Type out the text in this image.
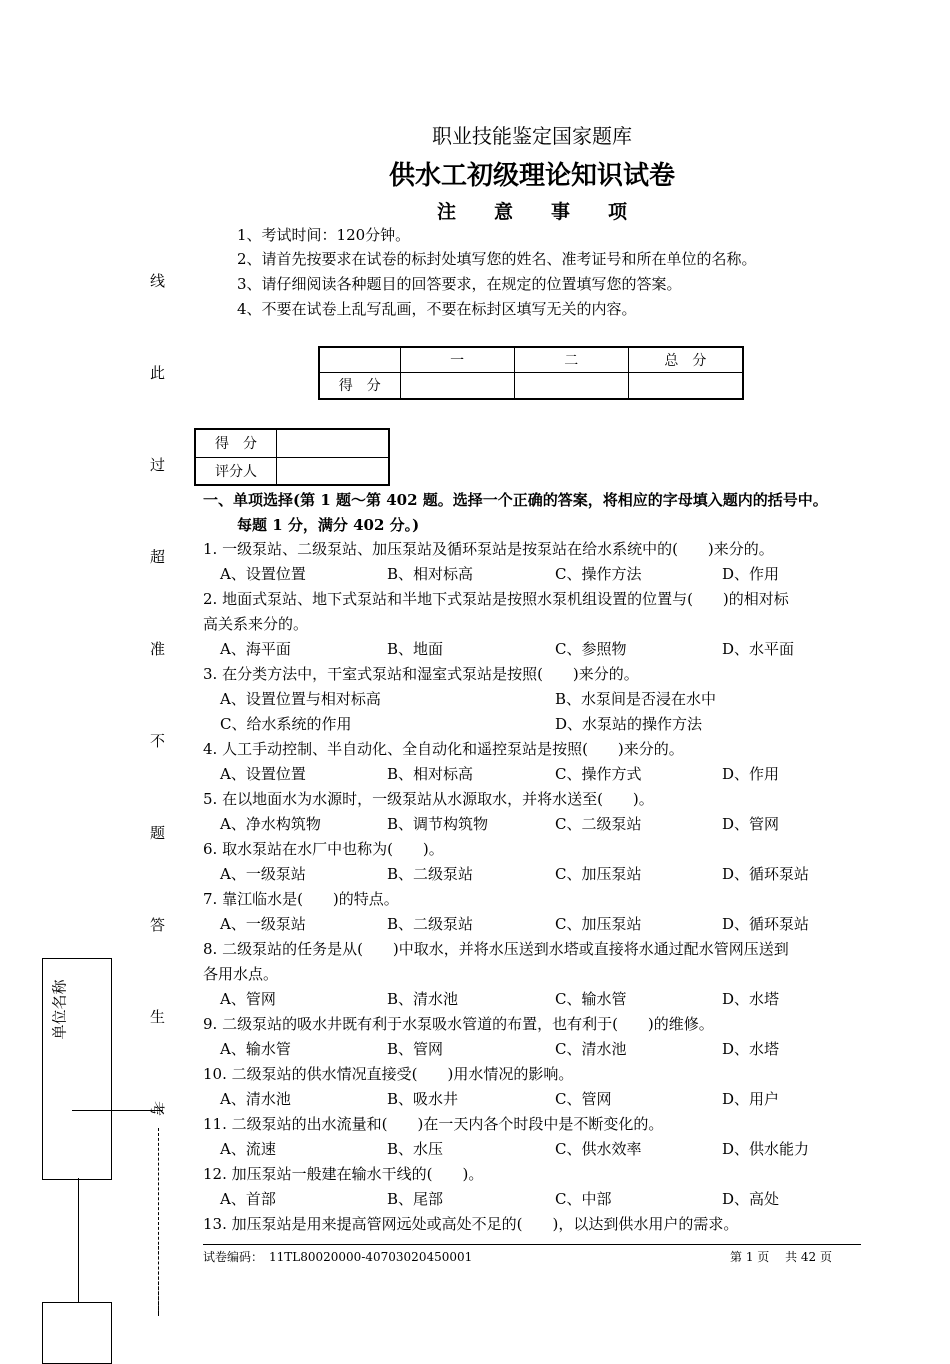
职业技能鉴定国家题库
供水工初级理论知识试卷
注　　意　　事　　项
1、考试时间：120分钟。
2、请首先按要求在试卷的标封处填写您的姓名、准考证号和所在单位的名称。
3、请仔细阅读各种题目的回答要求，在规定的位置填写您的答案。
4、不要在试卷上乱写乱画，不要在标封区填写无关的内容。
	一	二	总　分
得　分			
得　分	
评分人	
线
此
过
超
准
不
题
答
生
考
单位名称
一、单项选择(第 1 题～第 402 题。选择一个正确的答案，将相应的字母填入题内的括号中。
每题 1 分，满分 402 分。)
1. 一级泵站、二级泵站、加压泵站及循环泵站是按泵站在给水系统中的(　　)来分的。
A、设置位置	B、相对标高	C、操作方法	D、作用
2. 地面式泵站、地下式泵站和半地下式泵站是按照水泵机组设置的位置与(　　)的相对标
高关系来分的。
A、海平面	B、地面	C、参照物	D、水平面
3. 在分类方法中，干室式泵站和湿室式泵站是按照(　　)来分的。
A、设置位置与相对标高	B、水泵间是否浸在水中
C、给水系统的作用	D、水泵站的操作方法
4. 人工手动控制、半自动化、全自动化和遥控泵站是按照(　　)来分的。
A、设置位置	B、相对标高	C、操作方式	D、作用
5. 在以地面水为水源时，一级泵站从水源取水，并将水送至(　　)。
A、净水构筑物	B、调节构筑物	C、二级泵站	D、管网
6. 取水泵站在水厂中也称为(　　)。
A、一级泵站	B、二级泵站	C、加压泵站	D、循环泵站
7. 靠江临水是(　　)的特点。
A、一级泵站	B、二级泵站	C、加压泵站	D、循环泵站
8. 二级泵站的任务是从(　　)中取水，并将水压送到水塔或直接将水通过配水管网压送到
各用水点。
A、管网	B、清水池	C、输水管	D、水塔
9. 二级泵站的吸水井既有利于水泵吸水管道的布置，也有利于(　　)的维修。
A、输水管	B、管网	C、清水池	D、水塔
10. 二级泵站的供水情况直接受(　　)用水情况的影响。
A、清水池	B、吸水井	C、管网	D、用户
11. 二级泵站的出水流量和(　　)在一天内各个时段中是不断变化的。
A、流速	B、水压	C、供水效率	D、供水能力
12. 加压泵站一般建在输水干线的(　　)。
A、首部	B、尾部	C、中部	D、高处
13. 加压泵站是用来提高管网远处或高处不足的(　　)，以达到供水用户的需求。
试卷编码：　11TL80020000-40703020450001	第 1 页　 共 42 页
